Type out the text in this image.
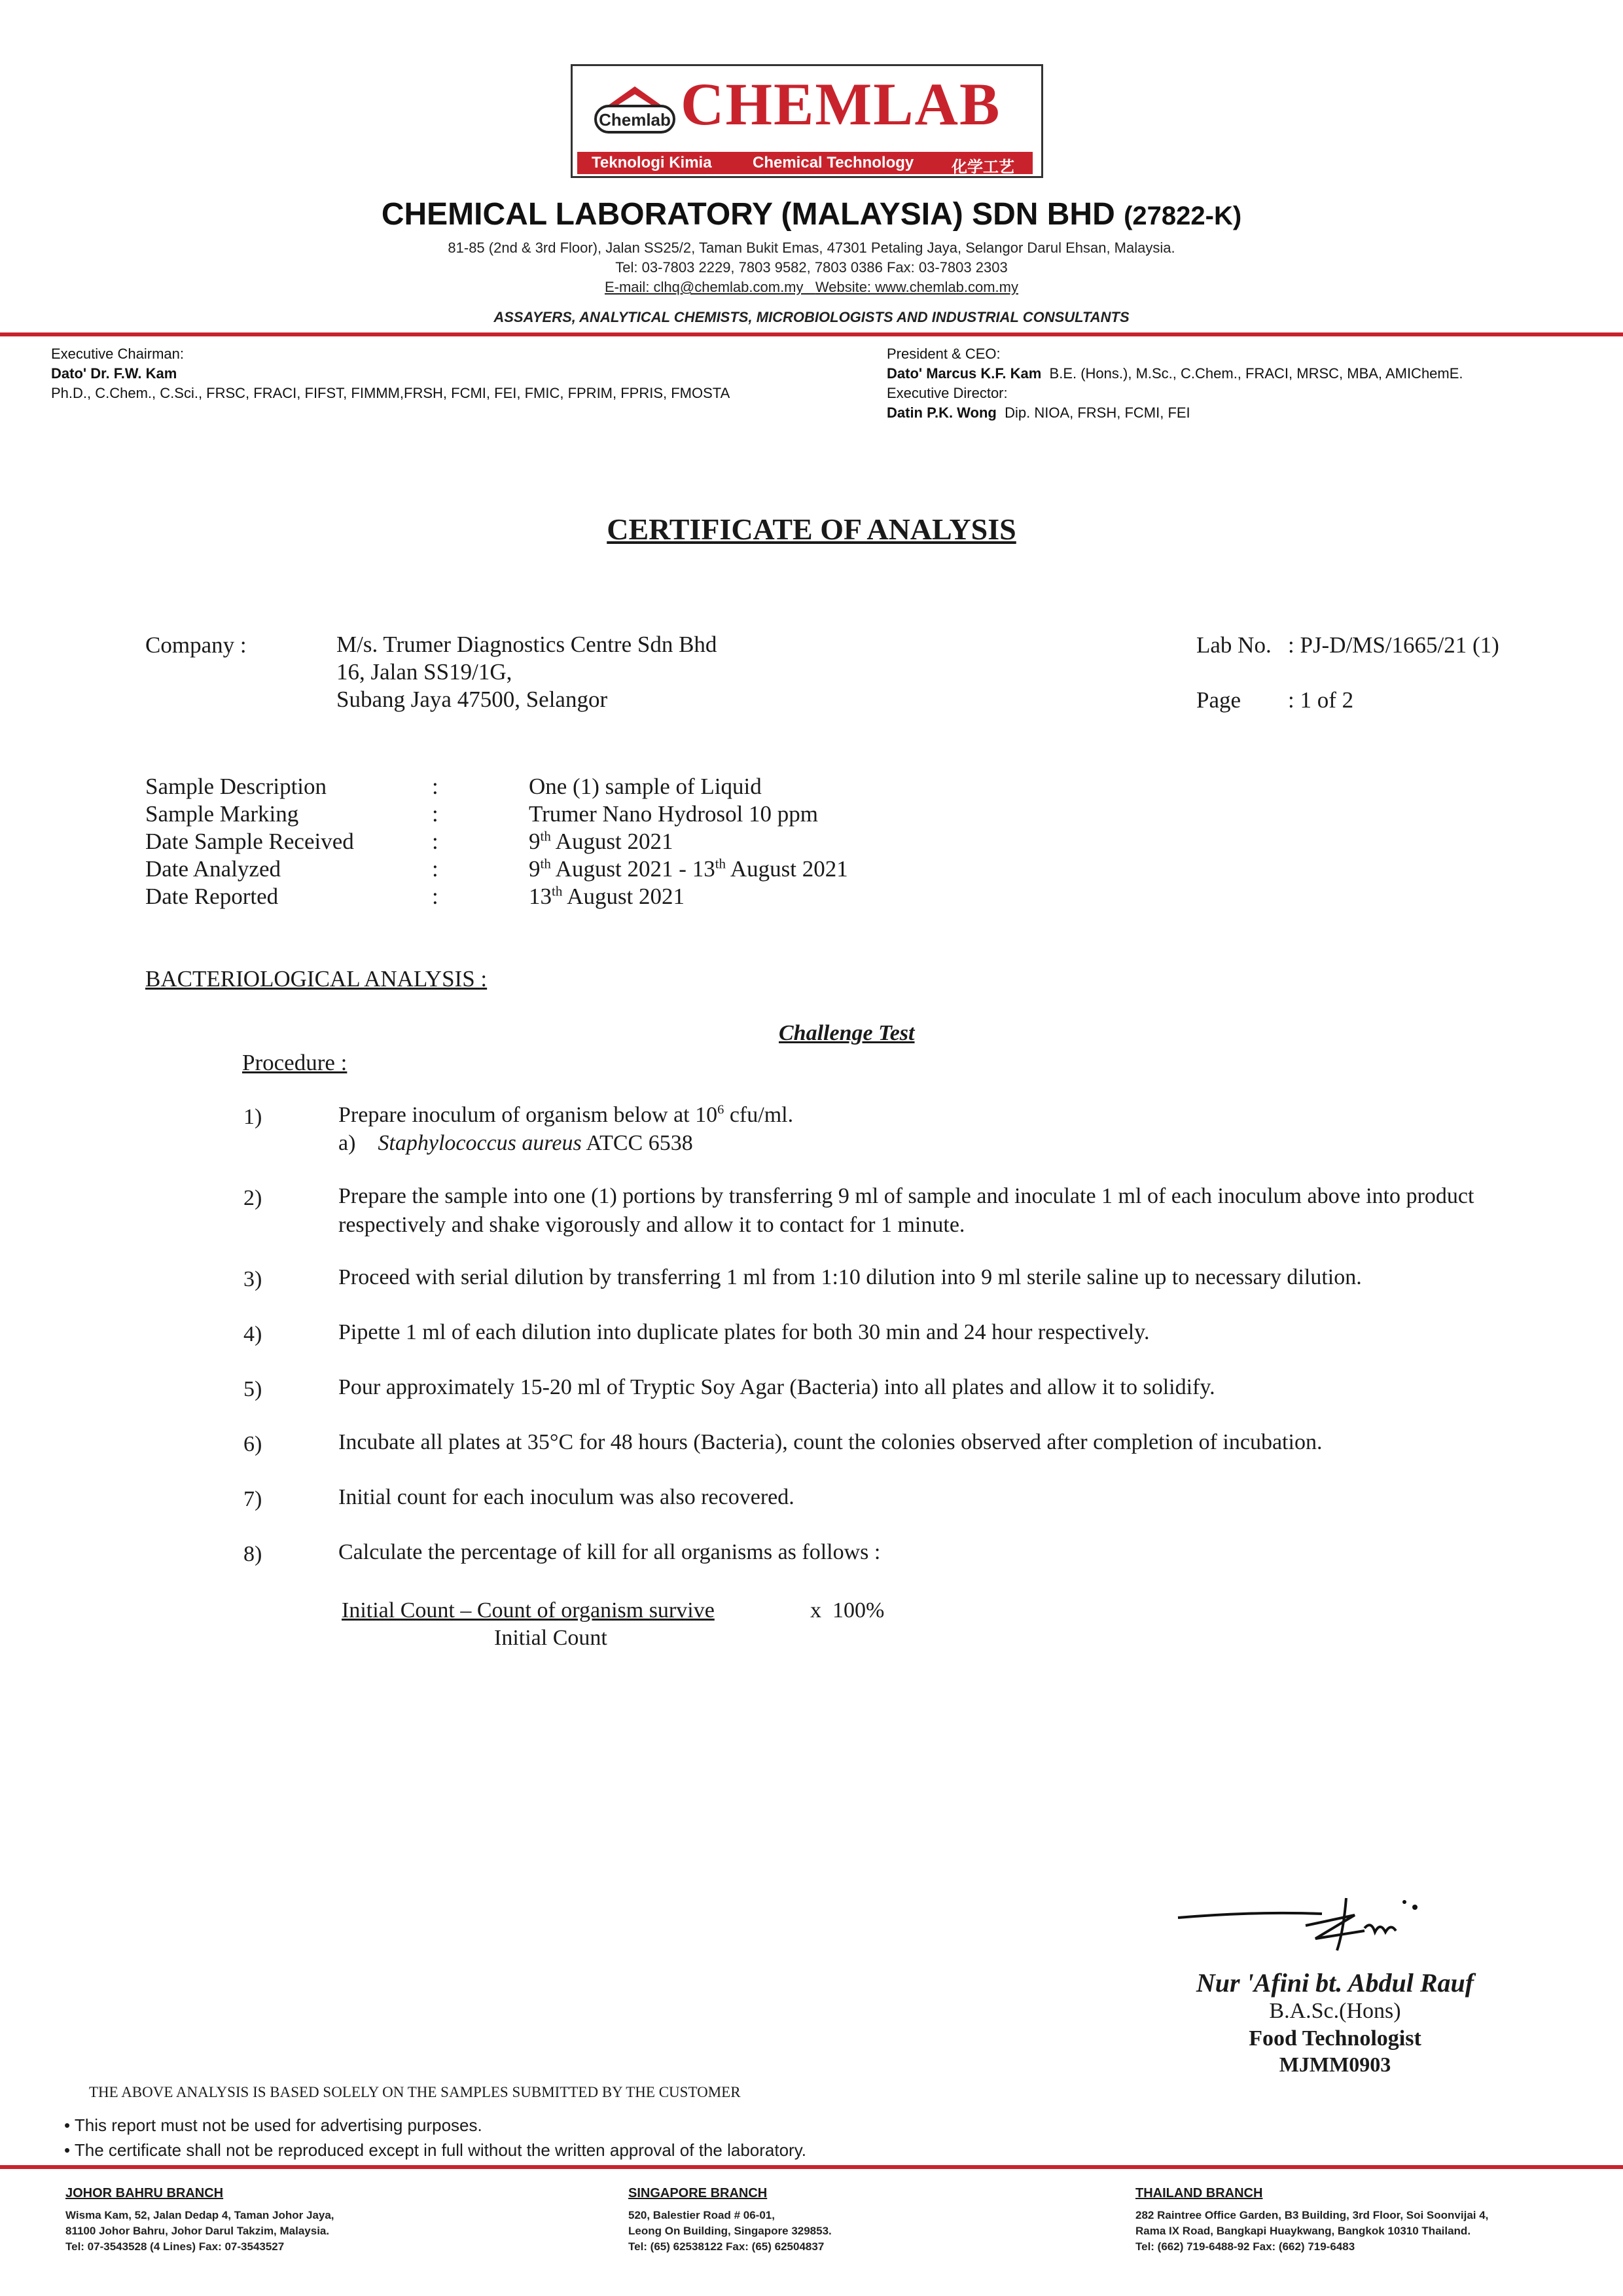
Chemlab CHEMLAB
Teknologi Kimia	Chemical Technology 化学工艺
CHEMICAL LABORATORY (MALAYSIA) SDN BHD (27822-K)
81-85 (2nd & 3rd Floor), Jalan SS25/2, Taman Bukit Emas, 47301 Petaling Jaya, Selangor Darul Ehsan, Malaysia.
Tel: 03-7803 2229, 7803 9582, 7803 0386 Fax: 03-7803 2303
E-mail: clhq@chemlab.com.my Website: www.chemlab.com.my
ASSAYERS, ANALYTICAL CHEMISTS, MICROBIOLOGISTS AND INDUSTRIAL CONSULTANTS
Executive Chairman:
Dato' Dr. F.W. Kam
Ph.D., C.Chem., C.Sci., FRSC, FRACI, FIFST, FIMMM,FRSH, FCMI, FEI, FMIC, FPRIM, FPRIS, FMOSTA
President & CEO:
Dato' Marcus K.F. Kam B.E. (Hons.), M.Sc., C.Chem., FRACI, MRSC, MBA, AMIChemE.
Executive Director:
Datin P.K. Wong Dip. NIOA, FRSH, FCMI, FEI
CERTIFICATE OF ANALYSIS
Company :	M/s. Trumer Diagnostics Centre Sdn Bhd
16, Jalan SS19/1G,
Subang Jaya 47500, Selangor
Lab No. : PJ-D/MS/1665/21 (1)
Page : 1 of 2
Sample Description	:	One (1) sample of Liquid
Sample Marking	:	Trumer Nano Hydrosol 10 ppm
Date Sample Received	:	9th August 2021
Date Analyzed	:	9th August 2021 - 13th August 2021
Date Reported	:	13th August 2021
BACTERIOLOGICAL ANALYSIS :
Challenge Test
Procedure :
1)	Prepare inoculum of organism below at $10^6$ cfu/ml.
a) Staphylococcus aureus ATCC 6538
2)	Prepare the sample into one (1) portions by transferring 9 ml of sample and inoculate 1 ml of each inoculum above into product respectively and shake vigorously and allow it to contact for 1 minute.
3)	Proceed with serial dilution by transferring 1 ml from 1:10 dilution into 9 ml sterile saline up to necessary dilution.
4)	Pipette 1 ml of each dilution into duplicate plates for both 30 min and 24 hour respectively.
5)	Pour approximately 15-20 ml of Tryptic Soy Agar (Bacteria) into all plates and allow it to solidify.
6)	Incubate all plates at 35°C for 48 hours (Bacteria), count the colonies observed after completion of incubation.
7)	Initial count for each inoculum was also recovered.
8)	Calculate the percentage of kill for all organisms as follows :
Initial Count – Count of organism survive	x  100%
Initial Count
Nur 'Afini bt. Abdul Rauf
B.A.Sc.(Hons)
Food Technologist
MJMM0903
THE ABOVE ANALYSIS IS BASED SOLELY ON THE SAMPLES SUBMITTED BY THE CUSTOMER
• This report must not be used for advertising purposes.
• The certificate shall not be reproduced except in full without the written approval of the laboratory.
JOHOR BAHRU BRANCH
Wisma Kam, 52, Jalan Dedap 4, Taman Johor Jaya,
81100 Johor Bahru, Johor Darul Takzim, Malaysia.
Tel: 07-3543528 (4 Lines) Fax: 07-3543527
SINGAPORE BRANCH
520, Balestier Road # 06-01,
Leong On Building, Singapore 329853.
Tel: (65) 62538122 Fax: (65) 62504837
THAILAND BRANCH
282 Raintree Office Garden, B3 Building, 3rd Floor, Soi Soonvijai 4,
Rama IX Road, Bangkapi Huaykwang, Bangkok 10310 Thailand.
Tel: (662) 719-6488-92 Fax: (662) 719-6483
